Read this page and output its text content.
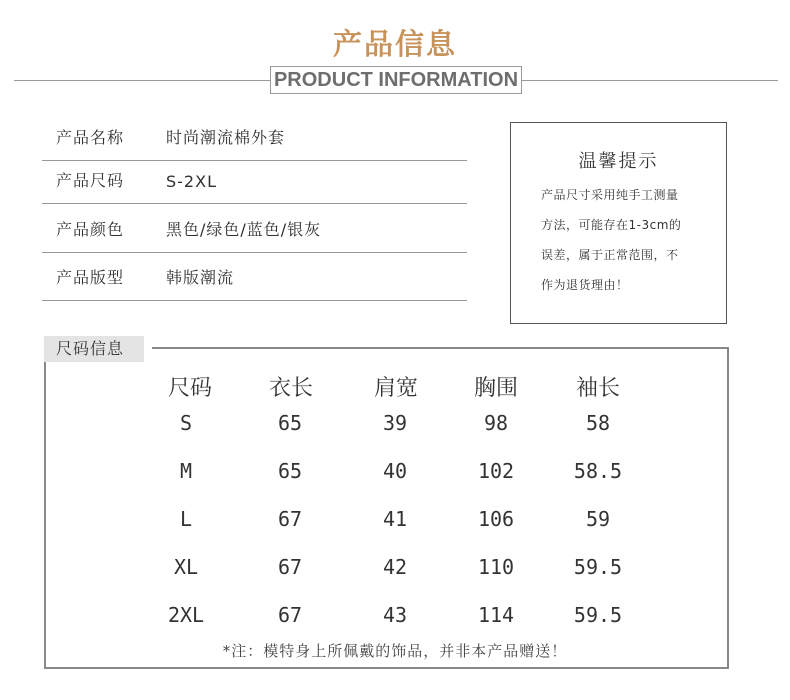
产品信息
PRODUCT INFORMATION
产品名称	时尚潮流棉外套
产品尺码	S-2XL
产品颜色	黑色/绿色/蓝色/银灰
产品版型	韩版潮流
温馨提示
产品尺寸采用纯手工测量
方法，可能存在1-3cm的
误差，属于正常范围，不
作为退货理由！
尺码信息
尺码	衣长	肩宽	胸围	袖长
S	65	39	98	58
M	65	40	102	58.5
L	67	41	106	59
XL	67	42	110	59.5
2XL	67	43	114	59.5
*注：模特身上所佩戴的饰品，并非本产品赠送！
